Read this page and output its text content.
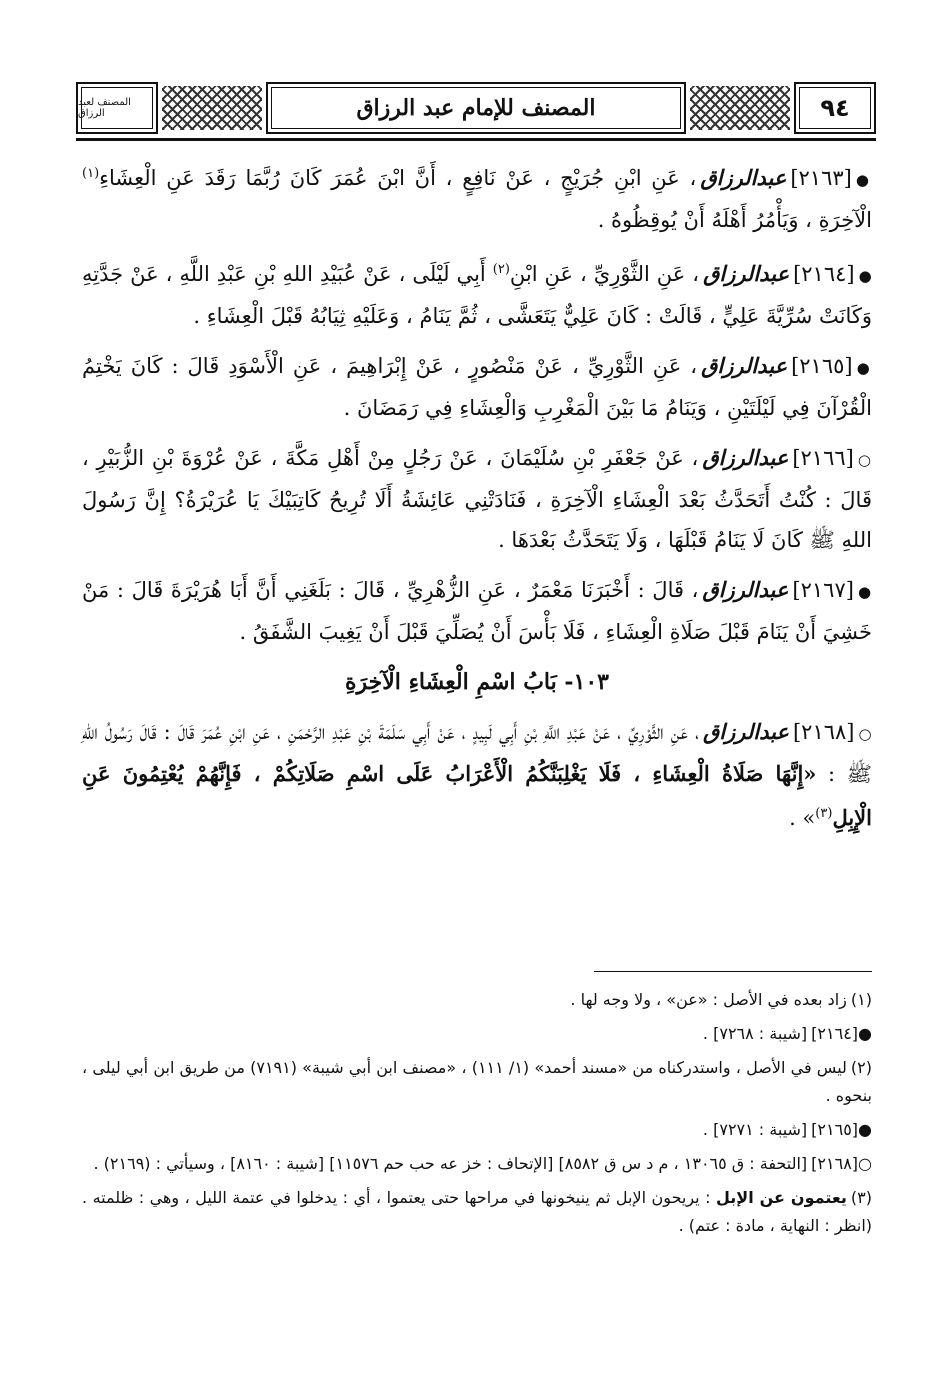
المصنف لعبد الرزاق	المصنف للإمام عبد الرزاق	٩٤

●[٢١٦٣]عبدالرزاق، عَنِ ابْنِ جُرَيْجٍ ، عَنْ نَافِعٍ ، أَنَّ ابْنَ عُمَرَ كَانَ رُبَّمَا رَقَدَ عَنِ الْعِشَاءِ$^{(١)}$ الْآخِرَةِ ، وَيَأْمُرُ أَهْلَهُ أَنْ يُوقِظُوهُ .

●[٢١٦٤]عبدالرزاق، عَنِ الثَّوْرِيِّ ، عَنِ ابْنِ$^{(٢)}$ أَبِي لَيْلَى ، عَنْ عُبَيْدِ اللهِ بْنِ عَبْدِ اللَّهِ ، عَنْ جَدَّتِهِ وَكَانَتْ سُرِّيَّةَ عَلِيٍّ ، قَالَتْ : كَانَ عَلِيٌّ يَتَعَشَّى ، ثُمَّ يَنَامُ ، وَعَلَيْهِ ثِيَابُهُ قَبْلَ الْعِشَاءِ .

●[٢١٦٥]عبدالرزاق، عَنِ الثَّوْرِيِّ ، عَنْ مَنْصُورٍ ، عَنْ إِبْرَاهِيمَ ، عَنِ الْأَسْوَدِ قَالَ : كَانَ يَخْتِمُ الْقُرْآنَ فِي لَيْلَتَيْنِ ، وَيَنَامُ مَا بَيْنَ الْمَغْرِبِ وَالْعِشَاءِ فِي رَمَضَانَ .

○[٢١٦٦]عبدالرزاق، عَنْ جَعْفَرِ بْنِ سُلَيْمَانَ ، عَنْ رَجُلٍ مِنْ أَهْلِ مَكَّةَ ، عَنْ عُرْوَةَ بْنِ الزُّبَيْرِ ، قَالَ : كُنْتُ أَتَحَدَّثُ بَعْدَ الْعِشَاءِ الْآخِرَةِ ، فَنَادَتْنِي عَائِشَةُ أَلَا تُرِيحُ كَاتِبَيْكَ يَا عُرَيْرَةُ؟ إِنَّ رَسُولَ اللهِ ﷺ كَانَ لَا يَنَامُ قَبْلَهَا ، وَلَا يَتَحَدَّثُ بَعْدَهَا .

●[٢١٦٧]عبدالرزاق، قَالَ : أَخْبَرَنَا مَعْمَرٌ ، عَنِ الزُّهْرِيِّ ، قَالَ : بَلَغَنِي أَنَّ أَبَا هُرَيْرَةَ قَالَ : مَنْ خَشِيَ أَنْ يَنَامَ قَبْلَ صَلَاةِ الْعِشَاءِ ، فَلَا بَأْسَ أَنْ يُصَلِّيَ قَبْلَ أَنْ يَغِيبَ الشَّفَقُ .

١٠٣- بَابُ اسْمِ الْعِشَاءِ الْآخِرَةِ

○[٢١٦٨]عبدالرزاق، عَنِ الثَّوْرِيِّ ، عَنْ عَبْدِ اللَّهِ بْنِ أَبِي لَبِيدٍ ، عَنْ أَبِي سَلَمَةَ بْنِ عَبْدِ الرَّحْمَنِ ، عَنِ ابْنِ عُمَرَ قَالَ : قَالَ رَسُولُ اللهِ ﷺ : «إِنَّهَا صَلَاةُ الْعِشَاءِ ، فَلَا يَغْلِبَنَّكُمُ الْأَعْرَابُ عَلَى اسْمِ صَلَاتِكُمْ ، فَإِنَّهُمْ يُعْتِمُونَ عَنِ الْإِبِلِ$^{(٣)}$» .

(١)زاد بعده في الأصل : «عن» ، ولا وجه لها .

●[٢١٦٤][شيبة : ٧٢٦٨] .

(٢)ليس في الأصل ، واستدركناه من «مسند أحمد» (١/ ١١١) ، «مصنف ابن أبي شيبة» (٧١٩١) من طريق ابن أبي ليلى ، بنحوه .

●[٢١٦٥][شيبة : ٧٢٧١] .

○[٢١٦٨][التحفة : ق ١٣٠٦٥ ، م د س ق ٨٥٨٢] [الإتحاف : خز عه حب حم ١١٥٧٦] [شيبة : ٨١٦٠] ، وسيأتي : (٢١٦٩) .

(٣)يعتمون عن الإبل : يريحون الإبل ثم ينيخونها في مراحها حتى يعتموا ، أي : يدخلوا في عتمة الليل ، وهي : ظلمته . (انظر : النهاية ، مادة : عتم) .
